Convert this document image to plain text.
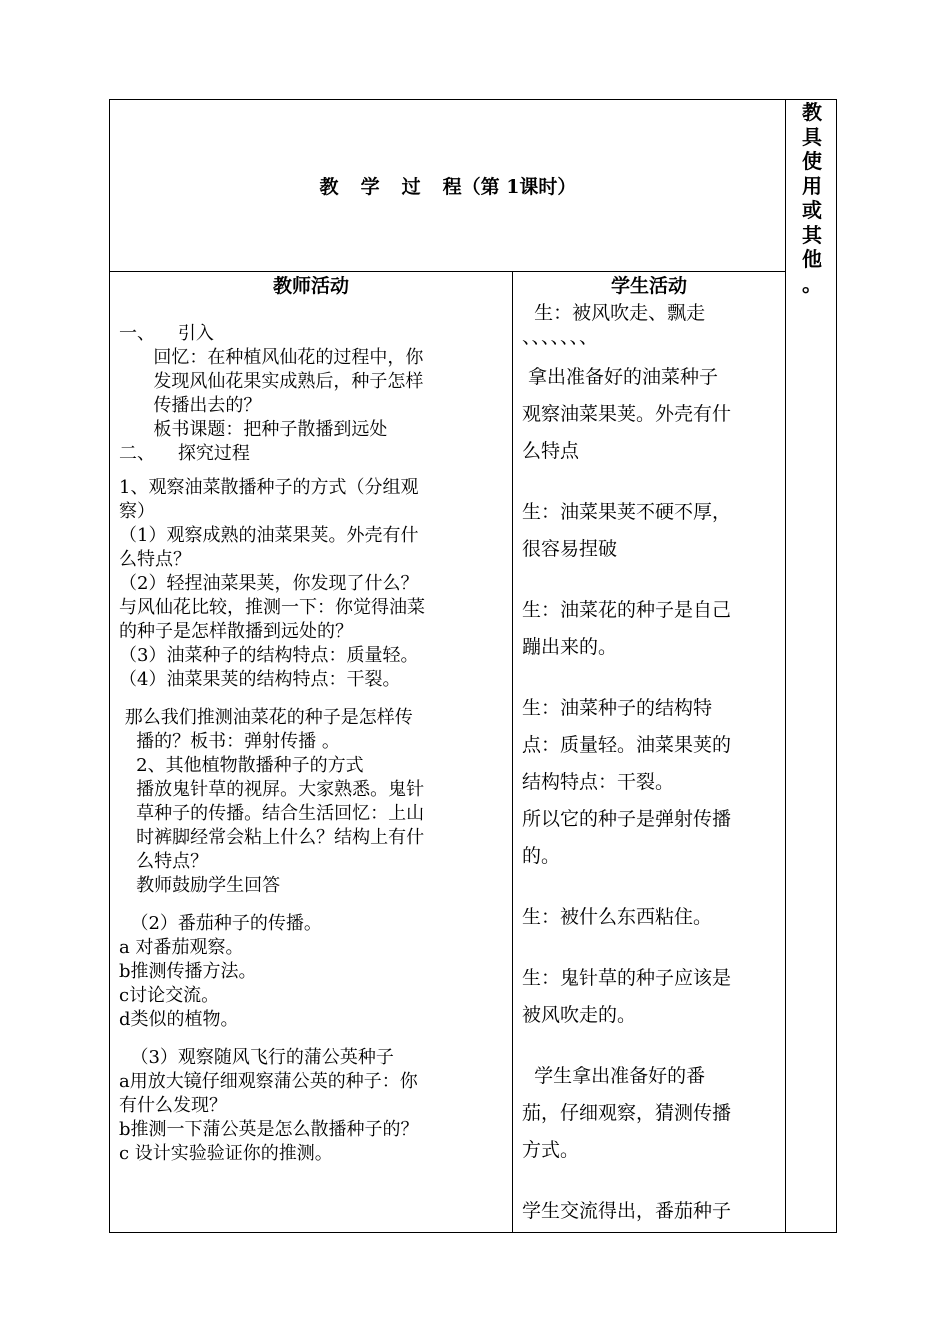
教 学 过 程（第 1课时）
教
具
使
用
或
其
他
。
教师活动	学生活动
一、    引入
回忆：在种植风仙花的过程中，你
发现风仙花果实成熟后，种子怎样
传播出去的？
板书课题：把种子散播到远处
二、    探究过程
1、观察油菜散播种子的方式（分组观
察）
（1）观察成熟的油菜果荚。外壳有什
么特点？
（2）轻捏油菜果荚，你发现了什么？
与风仙花比较，推测一下：你觉得油菜
的种子是怎样散播到远处的？
（3）油菜种子的结构特点：质量轻。
（4）油菜果荚的结构特点：干裂。
那么我们推测油菜花的种子是怎样传
播的？板书：弹射传播 。
2、其他植物散播种子的方式
播放鬼针草的视屏。大家熟悉。鬼针
草种子的传播。结合生活回忆：上山
时裤脚经常会粘上什么？结构上有什
么特点？
教师鼓励学生回答
（2）番茄种子的传播。
a 对番茄观察。
b推测传播方法。
c讨论交流。
d类似的植物。
（3）观察随风飞行的蒲公英种子
a用放大镜仔细观察蒲公英的种子：你
有什么发现？
b推测一下蒲公英是怎么散播种子的？
c 设计实验验证你的推测。
生：被风吹走、飘走
、、、、、、、
拿出准备好的油菜种子
观察油菜果荚。外壳有什
么特点
生：油菜果荚不硬不厚，
很容易捏破
生：油菜花的种子是自己
蹦出来的。
生：油菜种子的结构特
点：质量轻。油菜果荚的
结构特点：干裂。
所以它的种子是弹射传播
的。
生：被什么东西粘住。
生：鬼针草的种子应该是
被风吹走的。
学生拿出准备好的番
茄，仔细观察，猜测传播
方式。
学生交流得出，番茄种子
